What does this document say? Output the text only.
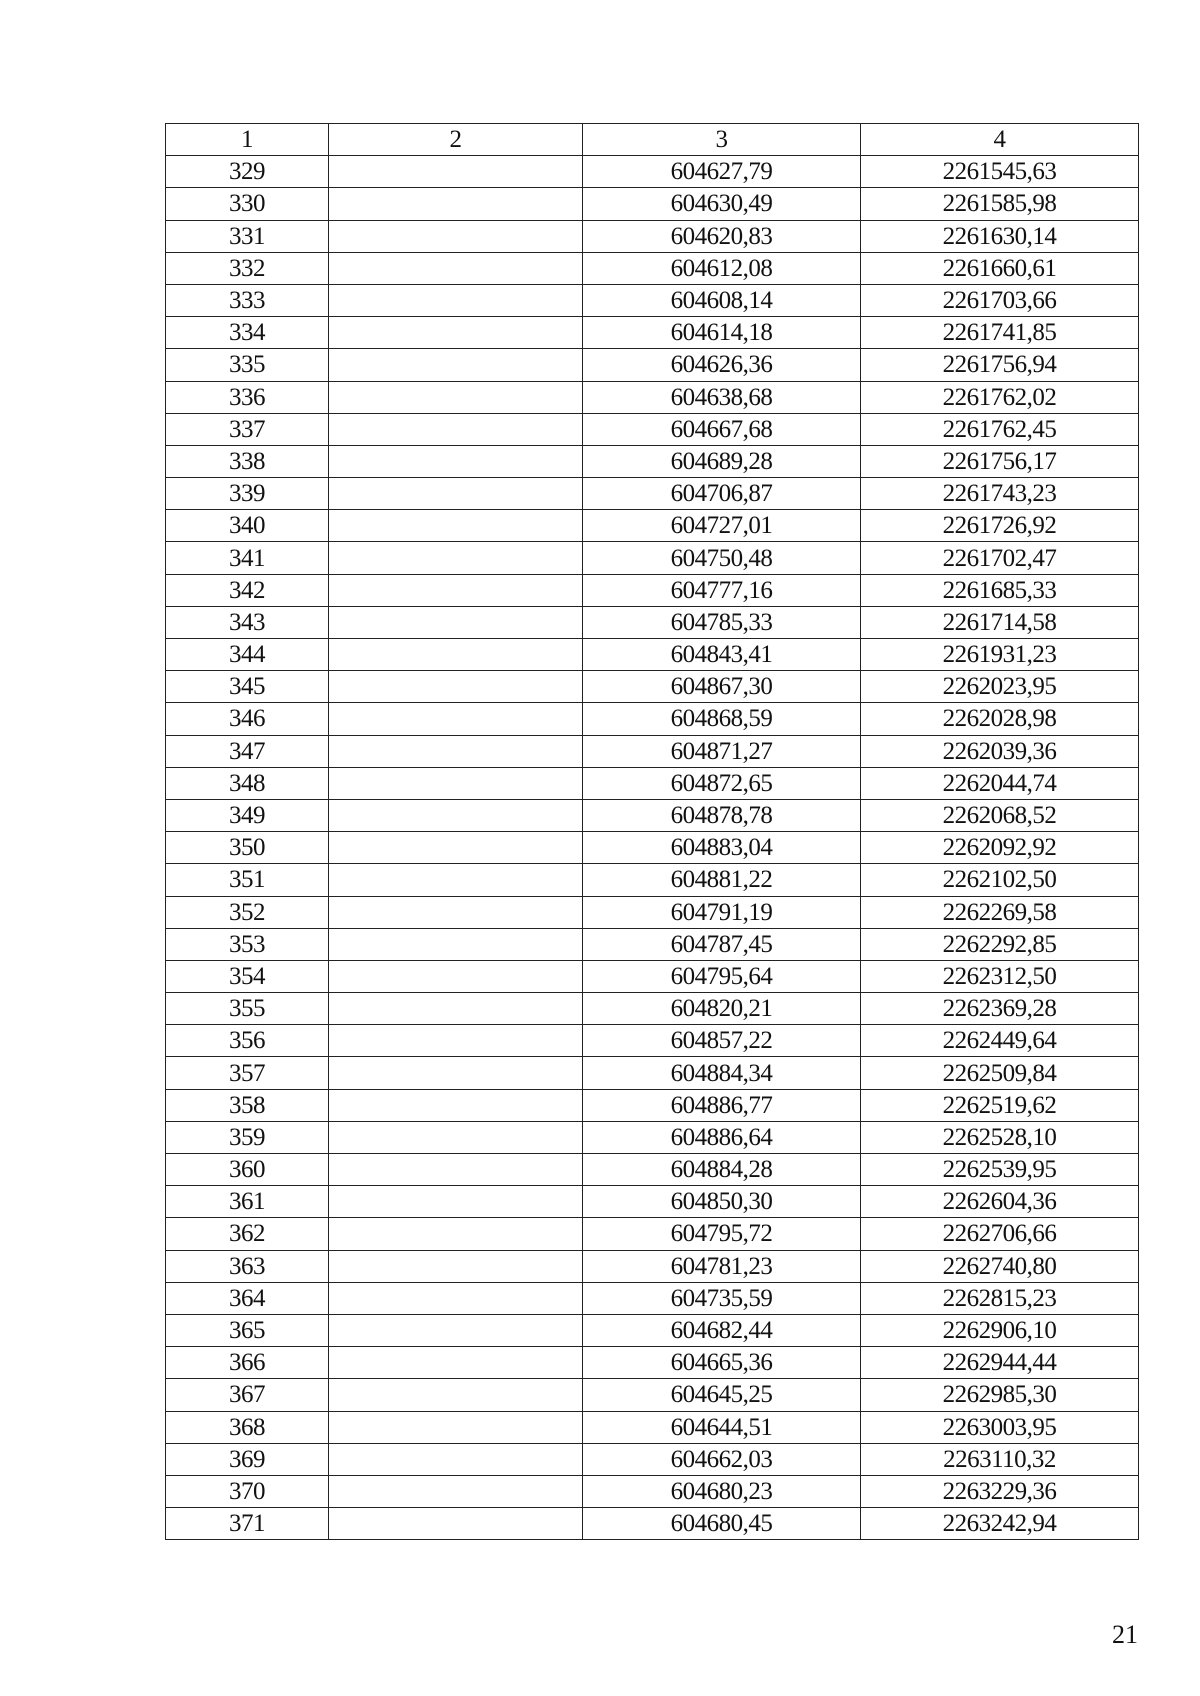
1	2	3	4
329		604627,79	2261545,63
330		604630,49	2261585,98
331		604620,83	2261630,14
332		604612,08	2261660,61
333		604608,14	2261703,66
334		604614,18	2261741,85
335		604626,36	2261756,94
336		604638,68	2261762,02
337		604667,68	2261762,45
338		604689,28	2261756,17
339		604706,87	2261743,23
340		604727,01	2261726,92
341		604750,48	2261702,47
342		604777,16	2261685,33
343		604785,33	2261714,58
344		604843,41	2261931,23
345		604867,30	2262023,95
346		604868,59	2262028,98
347		604871,27	2262039,36
348		604872,65	2262044,74
349		604878,78	2262068,52
350		604883,04	2262092,92
351		604881,22	2262102,50
352		604791,19	2262269,58
353		604787,45	2262292,85
354		604795,64	2262312,50
355		604820,21	2262369,28
356		604857,22	2262449,64
357		604884,34	2262509,84
358		604886,77	2262519,62
359		604886,64	2262528,10
360		604884,28	2262539,95
361		604850,30	2262604,36
362		604795,72	2262706,66
363		604781,23	2262740,80
364		604735,59	2262815,23
365		604682,44	2262906,10
366		604665,36	2262944,44
367		604645,25	2262985,30
368		604644,51	2263003,95
369		604662,03	2263110,32
370		604680,23	2263229,36
371		604680,45	2263242,94
21
